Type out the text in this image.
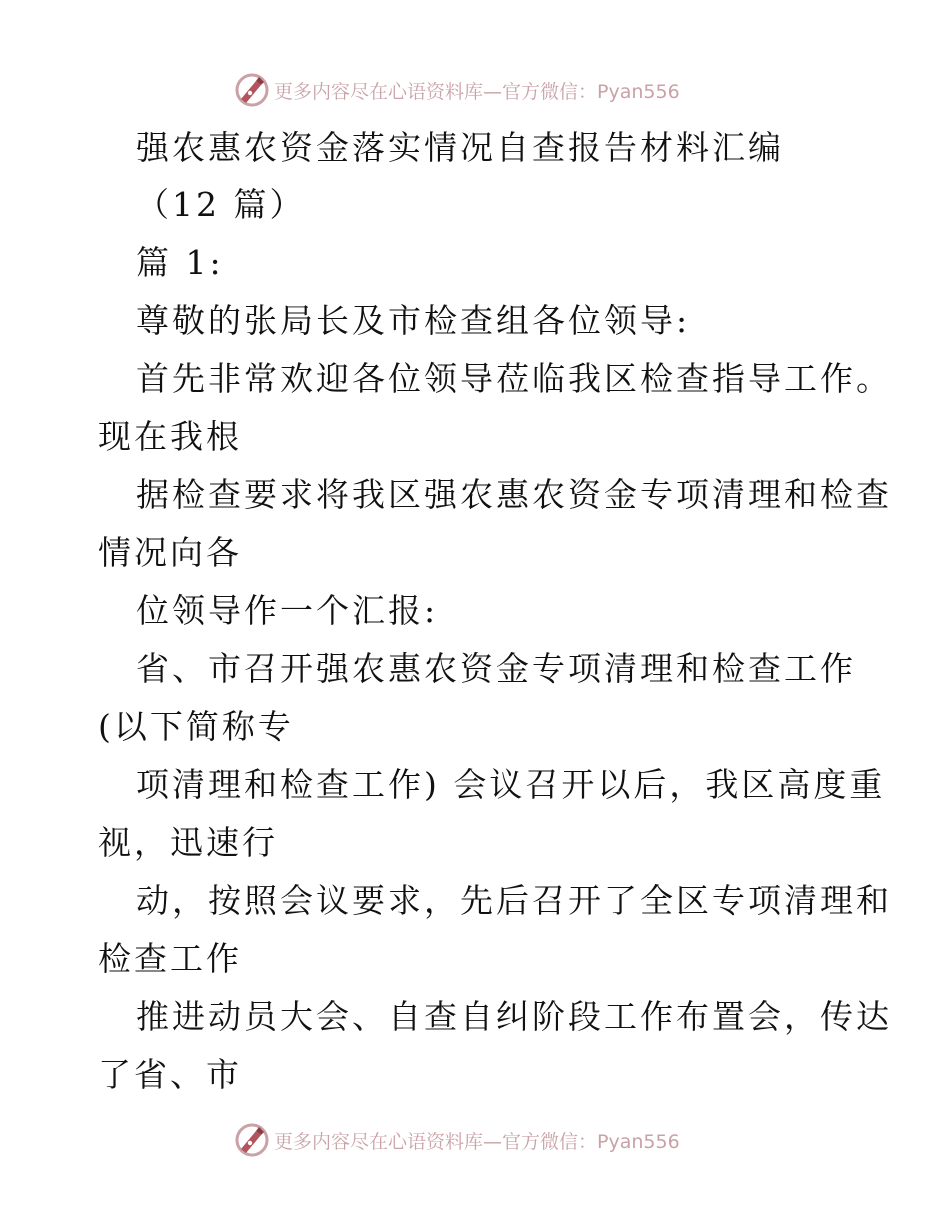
更多内容尽在心语资料库—官方微信：Pyan556
强农惠农资金落实情况自查报告材料汇编
（12 篇）
篇 1:
尊敬的张局长及市检查组各位领导:
首先非常欢迎各位领导莅临我区检查指导工作。
现在我根
据检查要求将我区强农惠农资金专项清理和检查
情况向各
位领导作一个汇报:
省、市召开强农惠农资金专项清理和检查工作
(以下简称专
项清理和检查工作) 会议召开以后，我区高度重
视，迅速行
动，按照会议要求，先后召开了全区专项清理和
检查工作
推进动员大会、自查自纠阶段工作布置会，传达
了省、市
更多内容尽在心语资料库—官方微信：Pyan556
